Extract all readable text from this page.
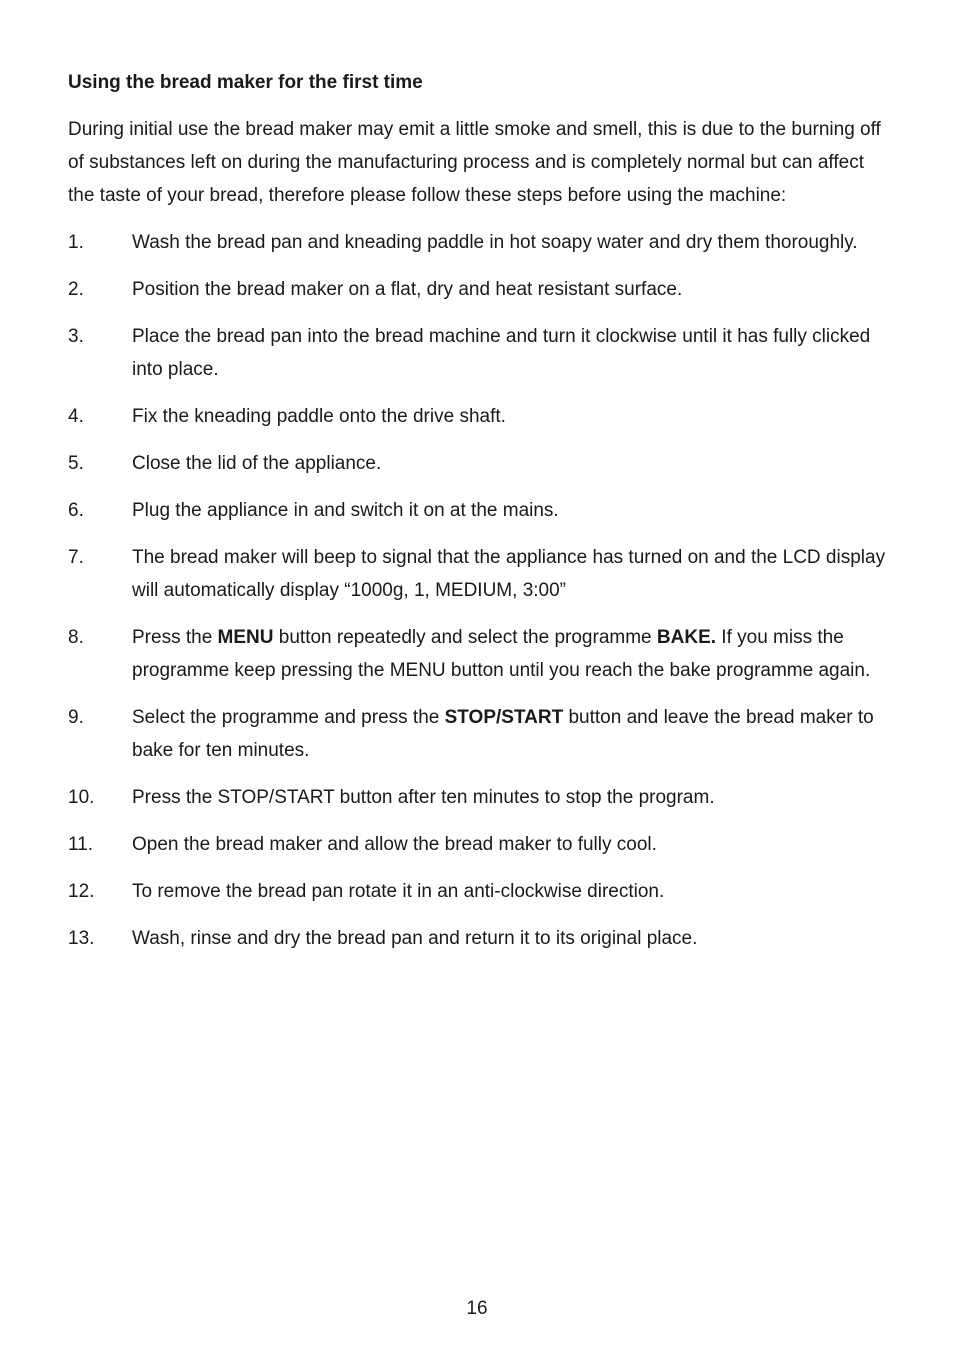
Using the bread maker for the first time

During initial use the bread maker may emit a little smoke and smell, this is due to the burning off of substances left on during the manufacturing process and is completely normal but can affect the taste of your bread, therefore please follow these steps before using the machine:

1.	Wash the bread pan and kneading paddle in hot soapy water and dry them thoroughly.
2.	Position the bread maker on a flat, dry and heat resistant surface.
3.	Place the bread pan into the bread machine and turn it clockwise until it has fully clicked into place.
4.	Fix the kneading paddle onto the drive shaft.
5.	Close the lid of the appliance.
6.	Plug the appliance in and switch it on at the mains.
7.	The bread maker will beep to signal that the appliance has turned on and the LCD display will automatically display “1000g, 1, MEDIUM, 3:00”
8.	Press the MENU button repeatedly and select the programme BAKE. If you miss the programme keep pressing the MENU button until you reach the bake programme again.
9.	Select the programme and press the STOP/START button and leave the bread maker to bake for ten minutes.
10.	Press the STOP/START button after ten minutes to stop the program.
11.	Open the bread maker and allow the bread maker to fully cool.
12.	To remove the bread pan rotate it in an anti-clockwise direction.
13.	Wash, rinse and dry the bread pan and return it to its original place.
16
